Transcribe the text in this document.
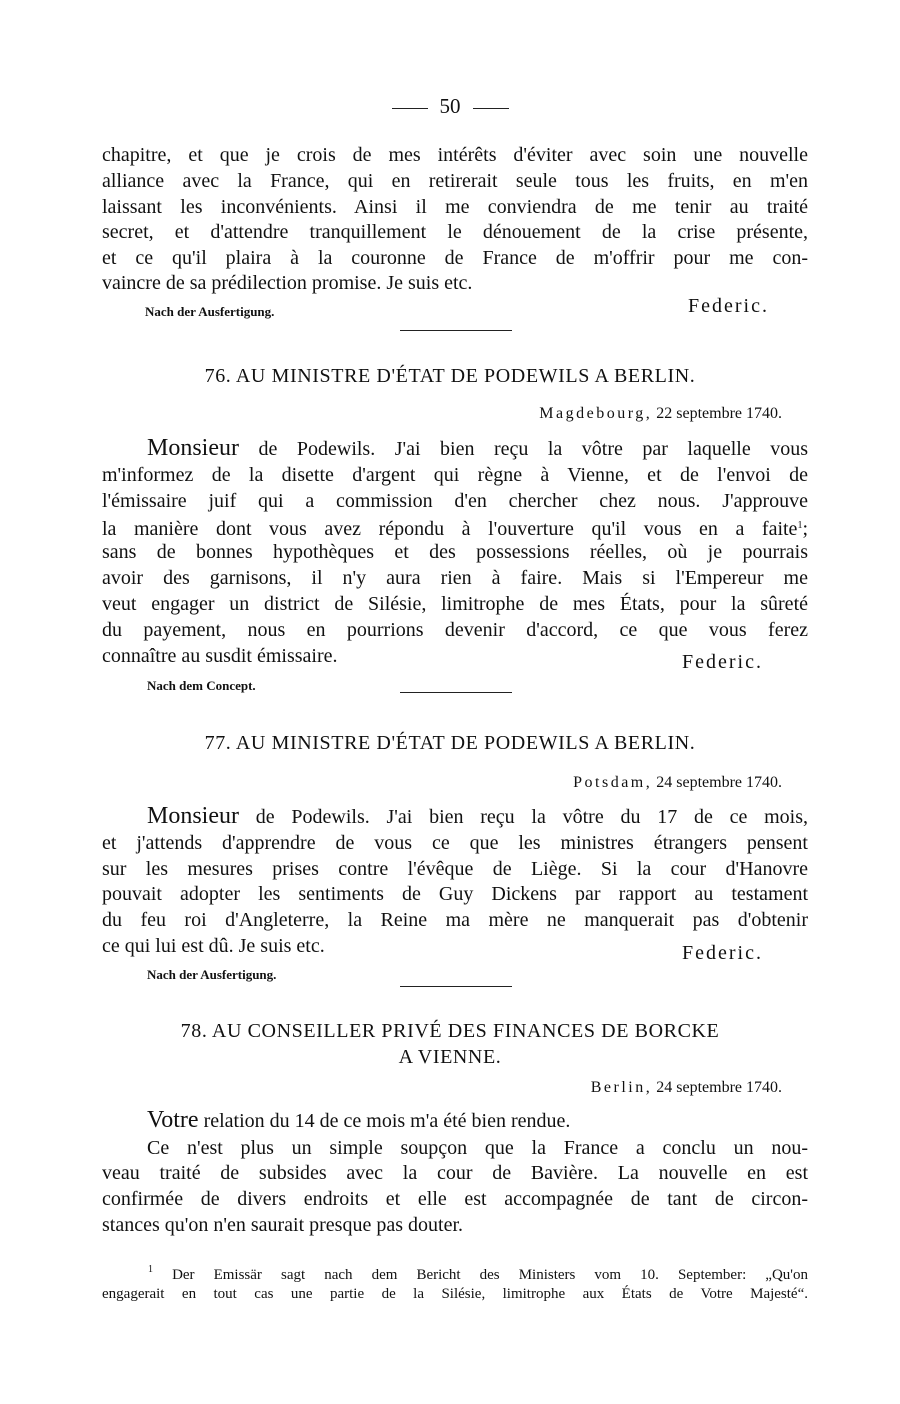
50
chapitre, et que je crois de mes intérêts d'éviter avec soin une nouvelle
alliance avec la France, qui en retirerait seule tous les fruits, en m'en
laissant les inconvénients. Ainsi il me conviendra de me tenir au traité
secret, et d'attendre tranquillement le dénouement de la crise présente,
et ce qu'il plaira à la couronne de France de m'offrir pour me con-
vaincre de sa prédilection promise. Je suis etc.
Nach der Ausfertigung.	Federic.
76. AU MINISTRE D'ÉTAT DE PODEWILS A BERLIN.
Magdebourg, 22 septembre 1740.
Monsieur de Podewils. J'ai bien reçu la vôtre par laquelle vous
m'informez de la disette d'argent qui règne à Vienne, et de l'envoi de
l'émissaire juif qui a commission d'en chercher chez nous. J'approuve
la manière dont vous avez répondu à l'ouverture qu'il vous en a faite$^1$;
sans de bonnes hypothèques et des possessions réelles, où je pourrais
avoir des garnisons, il n'y aura rien à faire. Mais si l'Empereur me
veut engager un district de Silésie, limitrophe de mes États, pour la sûreté
du payement, nous en pourrions devenir d'accord, ce que vous ferez
connaître au susdit émissaire.	Federic.
Nach dem Concept.
77. AU MINISTRE D'ÉTAT DE PODEWILS A BERLIN.
Potsdam, 24 septembre 1740.
Monsieur de Podewils. J'ai bien reçu la vôtre du 17 de ce mois,
et j'attends d'apprendre de vous ce que les ministres étrangers pensent
sur les mesures prises contre l'évêque de Liège. Si la cour d'Hanovre
pouvait adopter les sentiments de Guy Dickens par rapport au testament
du feu roi d'Angleterre, la Reine ma mère ne manquerait pas d'obtenir
ce qui lui est dû. Je suis etc.	Federic.
Nach der Ausfertigung.
78. AU CONSEILLER PRIVÉ DES FINANCES DE BORCKE
A VIENNE.
Berlin, 24 septembre 1740.
Votre relation du 14 de ce mois m'a été bien rendue.
Ce n'est plus un simple soupçon que la France a conclu un nou-
veau traité de subsides avec la cour de Bavière. La nouvelle en est
confirmée de divers endroits et elle est accompagnée de tant de circon-
stances qu'on n'en saurait presque pas douter.
$^1$ Der Emissär sagt nach dem Bericht des Ministers vom 10. September: „Qu'on
engagerait en tout cas une partie de la Silésie, limitrophe aux États de Votre Majesté“.
